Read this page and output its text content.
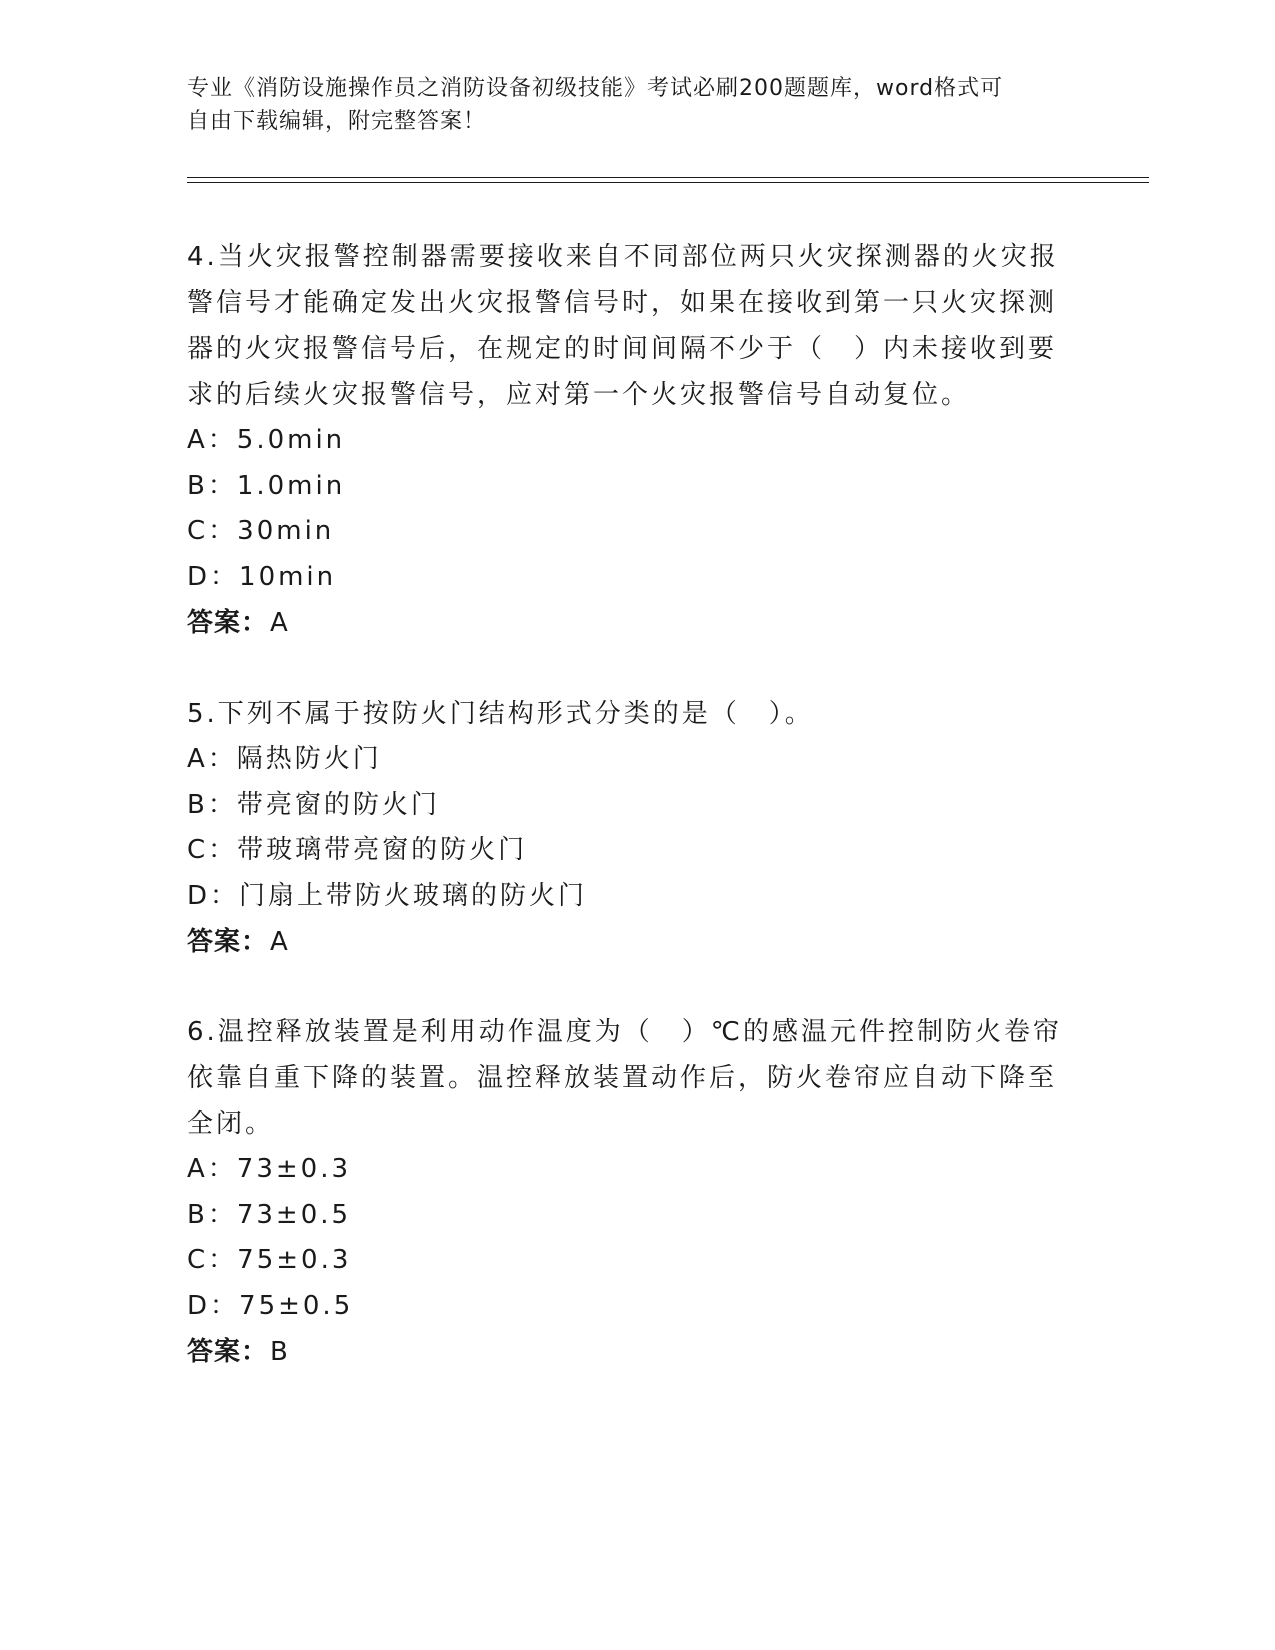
专业《消防设施操作员之消防设备初级技能》考试必刷200题题库，word格式可
自由下载编辑，附完整答案！
4.当火灾报警控制器需要接收来自不同部位两只火灾探测器的火灾报
警信号才能确定发出火灾报警信号时，如果在接收到第一只火灾探测
器的火灾报警信号后，在规定的时间间隔不少于（　）内未接收到要
求的后续火灾报警信号，应对第一个火灾报警信号自动复位。
A：5.0min
B：1.0min
C：30min
D：10min
答案：A
5.下列不属于按防火门结构形式分类的是（　）。
A：隔热防火门
B：带亮窗的防火门
C：带玻璃带亮窗的防火门
D：门扇上带防火玻璃的防火门
答案：A
6.温控释放装置是利用动作温度为（　）℃的感温元件控制防火卷帘
依靠自重下降的装置。温控释放装置动作后，防火卷帘应自动下降至
全闭。
A：73±0.3
B：73±0.5
C：75±0.3
D：75±0.5
答案：B
